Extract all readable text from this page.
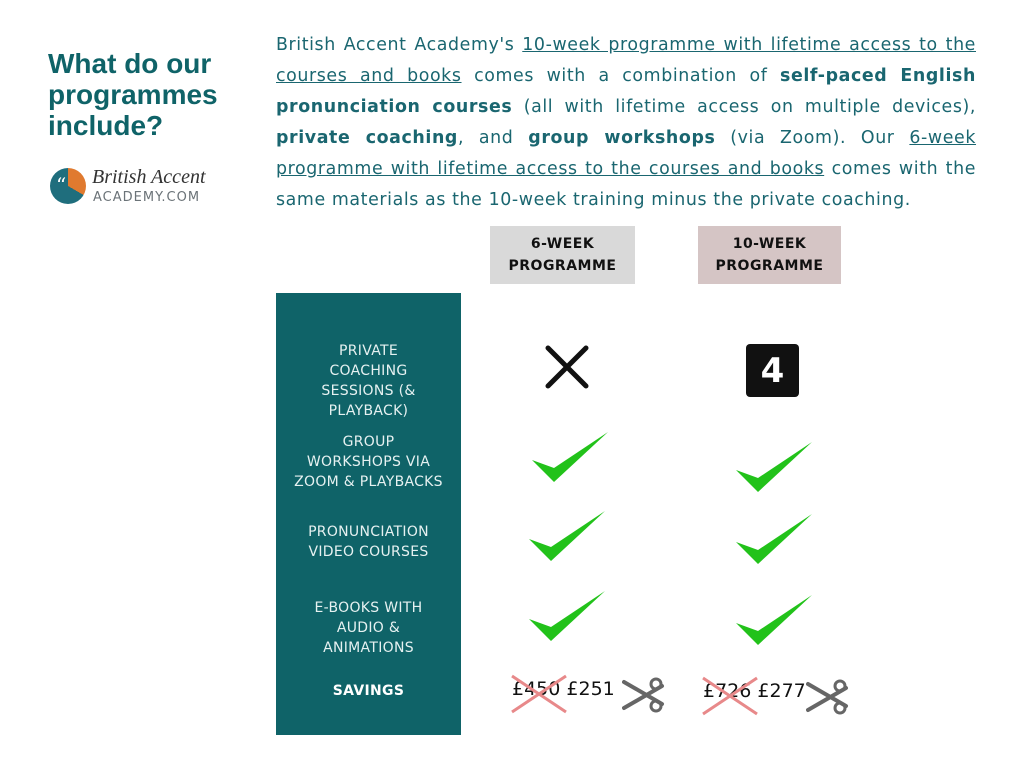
What do our programmes include?
“ British Accent
ACADEMY.COM

British Accent Academy's 10-week programme with lifetime access to the courses and books comes with a combination of self-paced English pronunciation courses (all with lifetime access on multiple devices), private coaching, and group workshops (via Zoom). Our 6-week programme with lifetime access to the courses and books comes with the same materials as the 10-week training minus the private coaching.

6-WEEK PROGRAMME
10-WEEK PROGRAMME
PRIVATE COACHING SESSIONS (& PLAYBACK)
GROUP WORKSHOPS VIA ZOOM & PLAYBACKS
PRONUNCIATION VIDEO COURSES
E-BOOKS WITH AUDIO & ANIMATIONS
SAVINGS
4
£450 £251	£726 £277
